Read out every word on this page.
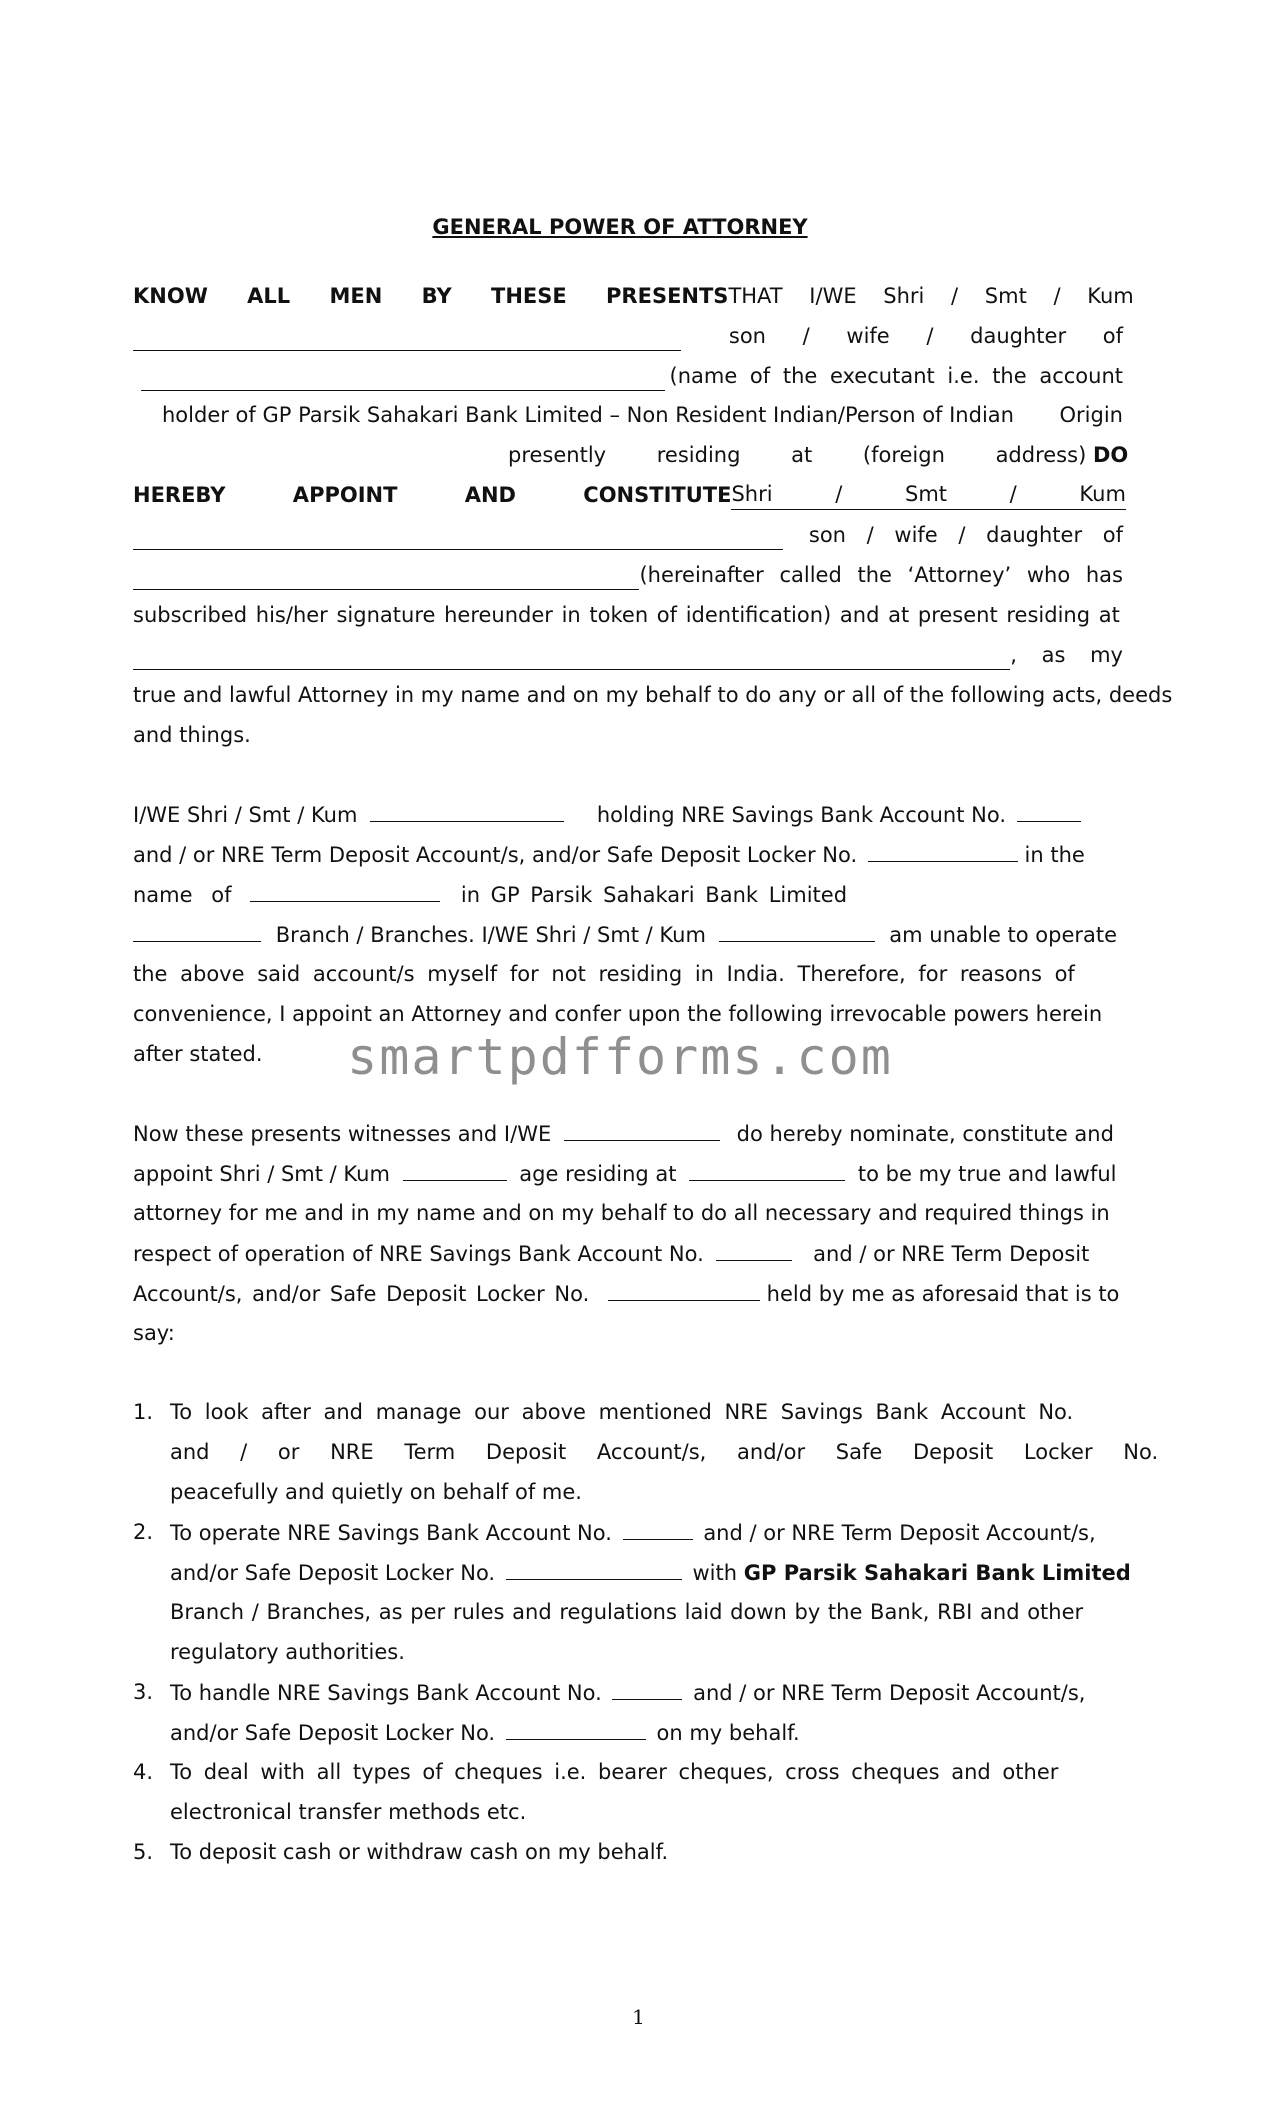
GENERAL POWER OF ATTORNEY
KNOW ALL MEN BY THESE PRESENTS THAT I/WE Shri / Smt / Kum
son / wife / daughter of
(name of the executant i.e. the account
holder of GP Parsik Sahakari Bank Limited – Non Resident Indian/Person of Indian Origin
presently residing at (foreign address) DO
HEREBY APPOINT AND CONSTITUTE Shri / Smt / Kum
son / wife / daughter of
(hereinafter called the ‘Attorney’ who has
subscribed his/her signature hereunder in token of identification) and at present residing at
, as my
true and lawful Attorney in my name and on my behalf to do any or all of the following acts, deeds
and things.
I/WE Shri / Smt / Kum	holding NRE Savings Bank Account No.
and / or NRE Term Deposit Account/s, and/or Safe Deposit Locker No.	in the
name of	in GP Parsik Sahakari Bank Limited
Branch / Branches. I/WE Shri / Smt / Kum	am unable to operate
the above said account/s myself for not residing in India. Therefore, for reasons of
convenience, I appoint an Attorney and confer upon the following irrevocable powers herein
after stated.	smartpdfforms.com
Now these presents witnesses and I/WE	do hereby nominate, constitute and
appoint Shri / Smt / Kum	age residing at	to be my true and lawful
attorney for me and in my name and on my behalf to do all necessary and required things in
respect of operation of NRE Savings Bank Account No.	and / or NRE Term Deposit
Account/s, and/or Safe Deposit Locker No.	held by me as aforesaid that is to
say:
1. To look after and manage our above mentioned NRE Savings Bank Account No.
and / or NRE Term Deposit Account/s, and/or Safe Deposit Locker No.
peacefully and quietly on behalf of me.
2. To operate NRE Savings Bank Account No.	and / or NRE Term Deposit Account/s,
and/or Safe Deposit Locker No.	with GP Parsik Sahakari Bank Limited
Branch / Branches, as per rules and regulations laid down by the Bank, RBI and other
regulatory authorities.
3. To handle NRE Savings Bank Account No.	and / or NRE Term Deposit Account/s,
and/or Safe Deposit Locker No.	on my behalf.
4. To deal with all types of cheques i.e. bearer cheques, cross cheques and other
electronical transfer methods etc.
5. To deposit cash or withdraw cash on my behalf.
1
